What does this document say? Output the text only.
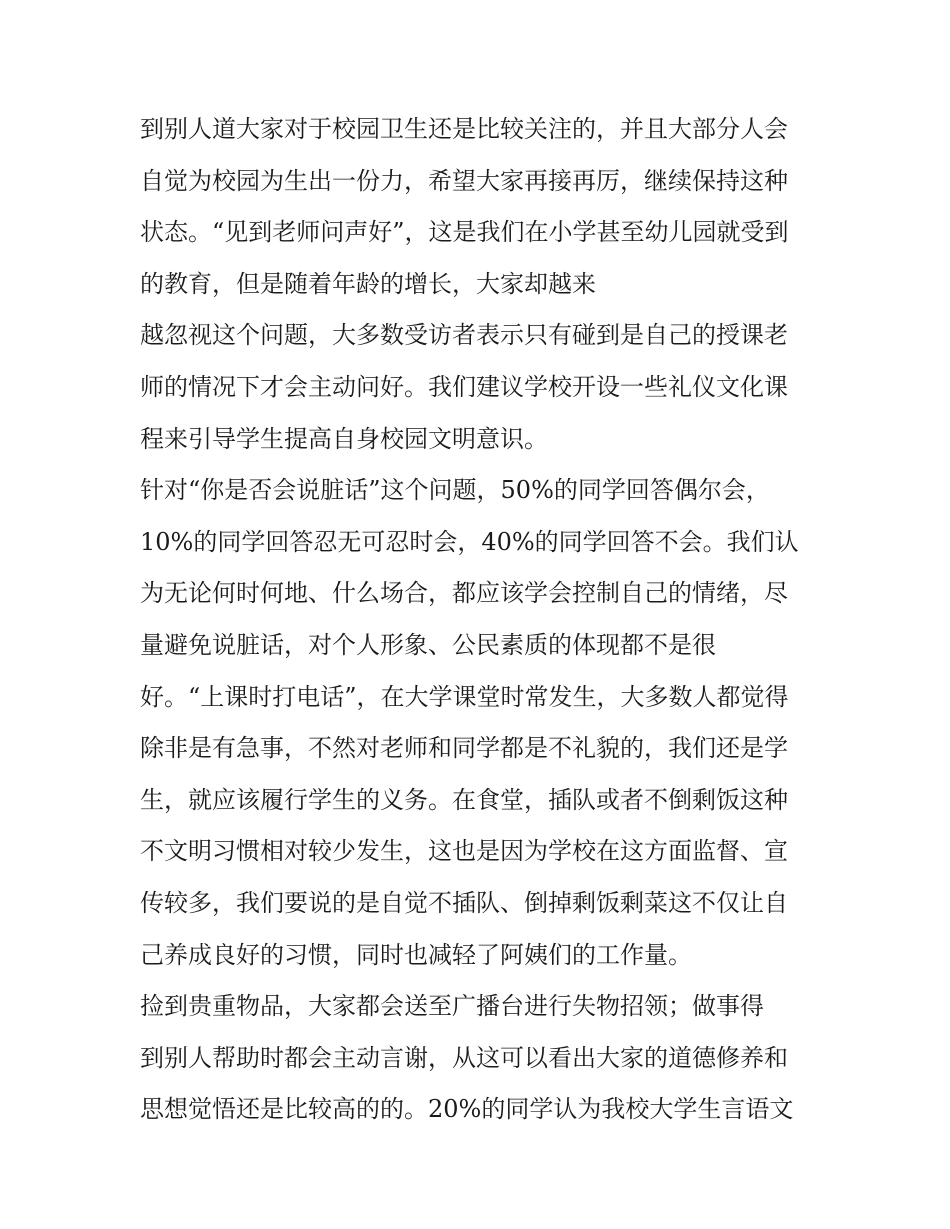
到别人道大家对于校园卫生还是比较关注的，并且大部分人会
自觉为校园为生出一份力，希望大家再接再厉，继续保持这种
状态。“见到老师问声好”，这是我们在小学甚至幼儿园就受到
的教育，但是随着年龄的增长，大家却越来
越忽视这个问题，大多数受访者表示只有碰到是自己的授课老
师的情况下才会主动问好。我们建议学校开设一些礼仪文化课
程来引导学生提高自身校园文明意识。
针对“你是否会说脏话”这个问题，50%的同学回答偶尔会，
10%的同学回答忍无可忍时会，40%的同学回答不会。我们认
为无论何时何地、什么场合，都应该学会控制自己的情绪，尽
量避免说脏话，对个人形象、公民素质的体现都不是很
好。“上课时打电话”，在大学课堂时常发生，大多数人都觉得
除非是有急事，不然对老师和同学都是不礼貌的，我们还是学
生，就应该履行学生的义务。在食堂，插队或者不倒剩饭这种
不文明习惯相对较少发生，这也是因为学校在这方面监督、宣
传较多，我们要说的是自觉不插队、倒掉剩饭剩菜这不仅让自
己养成良好的习惯，同时也减轻了阿姨们的工作量。
捡到贵重物品，大家都会送至广播台进行失物招领；做事得
到别人帮助时都会主动言谢，从这可以看出大家的道德修养和
思想觉悟还是比较高的的。20%的同学认为我校大学生言语文
